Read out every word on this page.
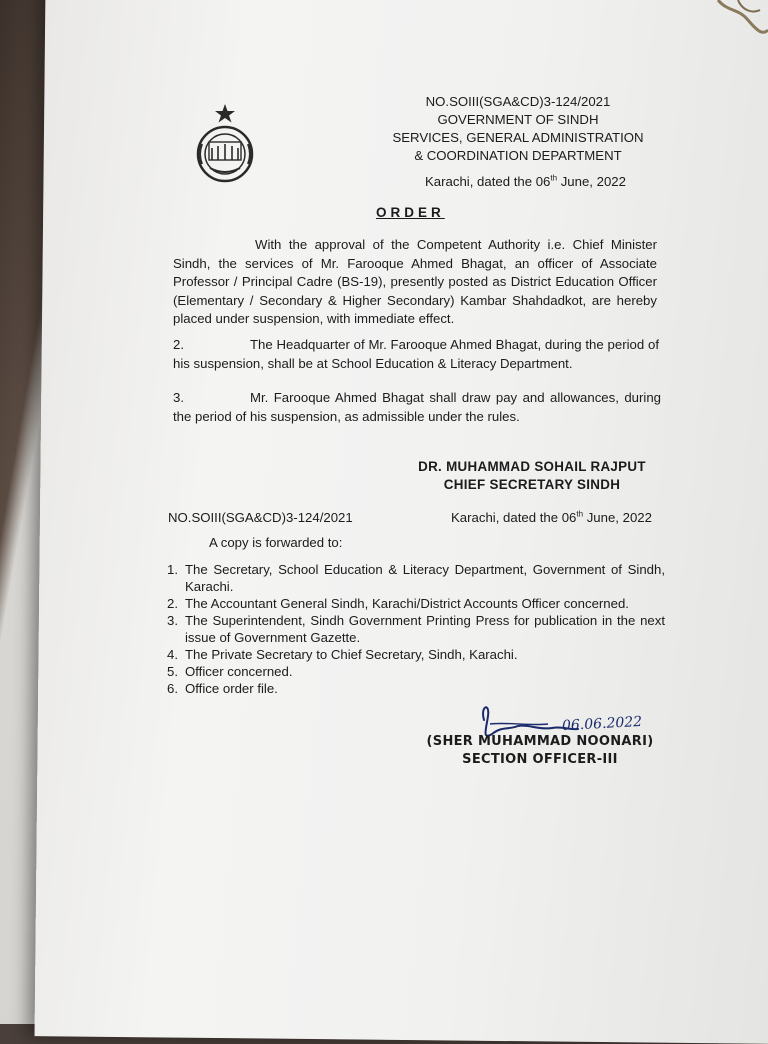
NO.SOIII(SGA&CD)3-124/2021
GOVERNMENT OF SINDH
SERVICES, GENERAL ADMINISTRATION
& COORDINATION DEPARTMENT
Karachi, dated the 06th June, 2022
ORDER
With the approval of the Competent Authority i.e. Chief Minister Sindh, the services of Mr. Farooque Ahmed Bhagat, an officer of Associate Professor / Principal Cadre (BS-19), presently posted as District Education Officer (Elementary / Secondary & Higher Secondary) Kambar Shahdadkot, are hereby placed under suspension, with immediate effect.
2.	The Headquarter of Mr. Farooque Ahmed Bhagat, during the period of his suspension, shall be at School Education & Literacy Department.
3.	Mr. Farooque Ahmed Bhagat shall draw pay and allowances, during the period of his suspension, as admissible under the rules.
DR. MUHAMMAD SOHAIL RAJPUT
CHIEF SECRETARY SINDH
NO.SOIII(SGA&CD)3-124/2021	Karachi, dated the 06th June, 2022
A copy is forwarded to:
1. The Secretary, School Education & Literacy Department, Government of Sindh, Karachi.
2. The Accountant General Sindh, Karachi/District Accounts Officer concerned.
3. The Superintendent, Sindh Government Printing Press for publication in the next issue of Government Gazette.
4. The Private Secretary to Chief Secretary, Sindh, Karachi.
5. Officer concerned.
6. Office order file.
06.06.2022
(SHER MUHAMMAD NOONARI)
SECTION OFFICER-III
